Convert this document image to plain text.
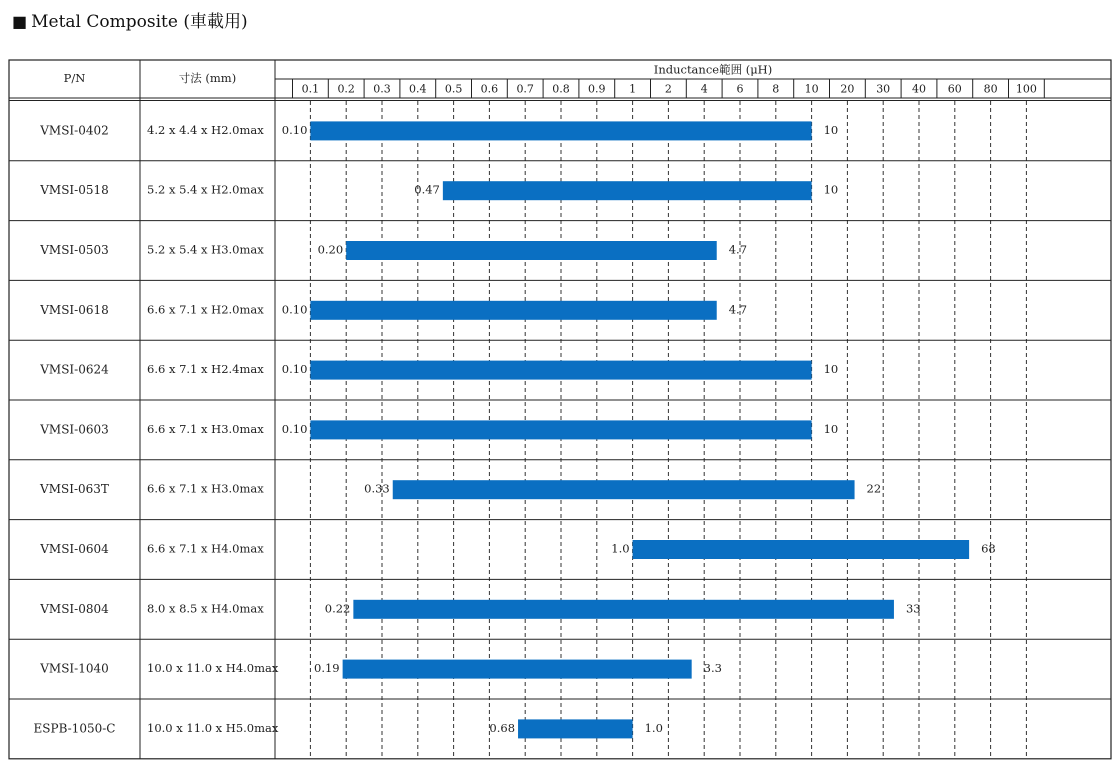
■ Metal Composite (車載用)
0.1 0.2 0.3 0.4 0.5 0.6 0.7 0.8 0.9 1	2	4	6	8 10 20 30 40 60 80 100
P/N	寸法 (mm)
Inductance範囲 (μH)
VMSI-0402	4.2 x 4.4 x H2.0max 0.10	10
VMSI-0518	5.2 x 5.4 x H2.0max	0.47	10
VMSI-0503	5.2 x 5.4 x H3.0max	0.20	4.7
VMSI-0618	6.6 x 7.1 x H2.0max 0.10	4.7
VMSI-0624	6.6 x 7.1 x H2.4max 0.10	10
VMSI-0603	6.6 x 7.1 x H3.0max 0.10	10
VMSI-063T	6.6 x 7.1 x H3.0max	0.33	22
VMSI-0604	6.6 x 7.1 x H4.0max	1.0	68
VMSI-0804	8.0 x 8.5 x H4.0max	0.22	33
VMSI-1040	10.0 x 11.0 x H4.0max	0.19	3.3
ESPB-1050-C	10.0 x 11.0 x H5.0max	0.68	1.0
